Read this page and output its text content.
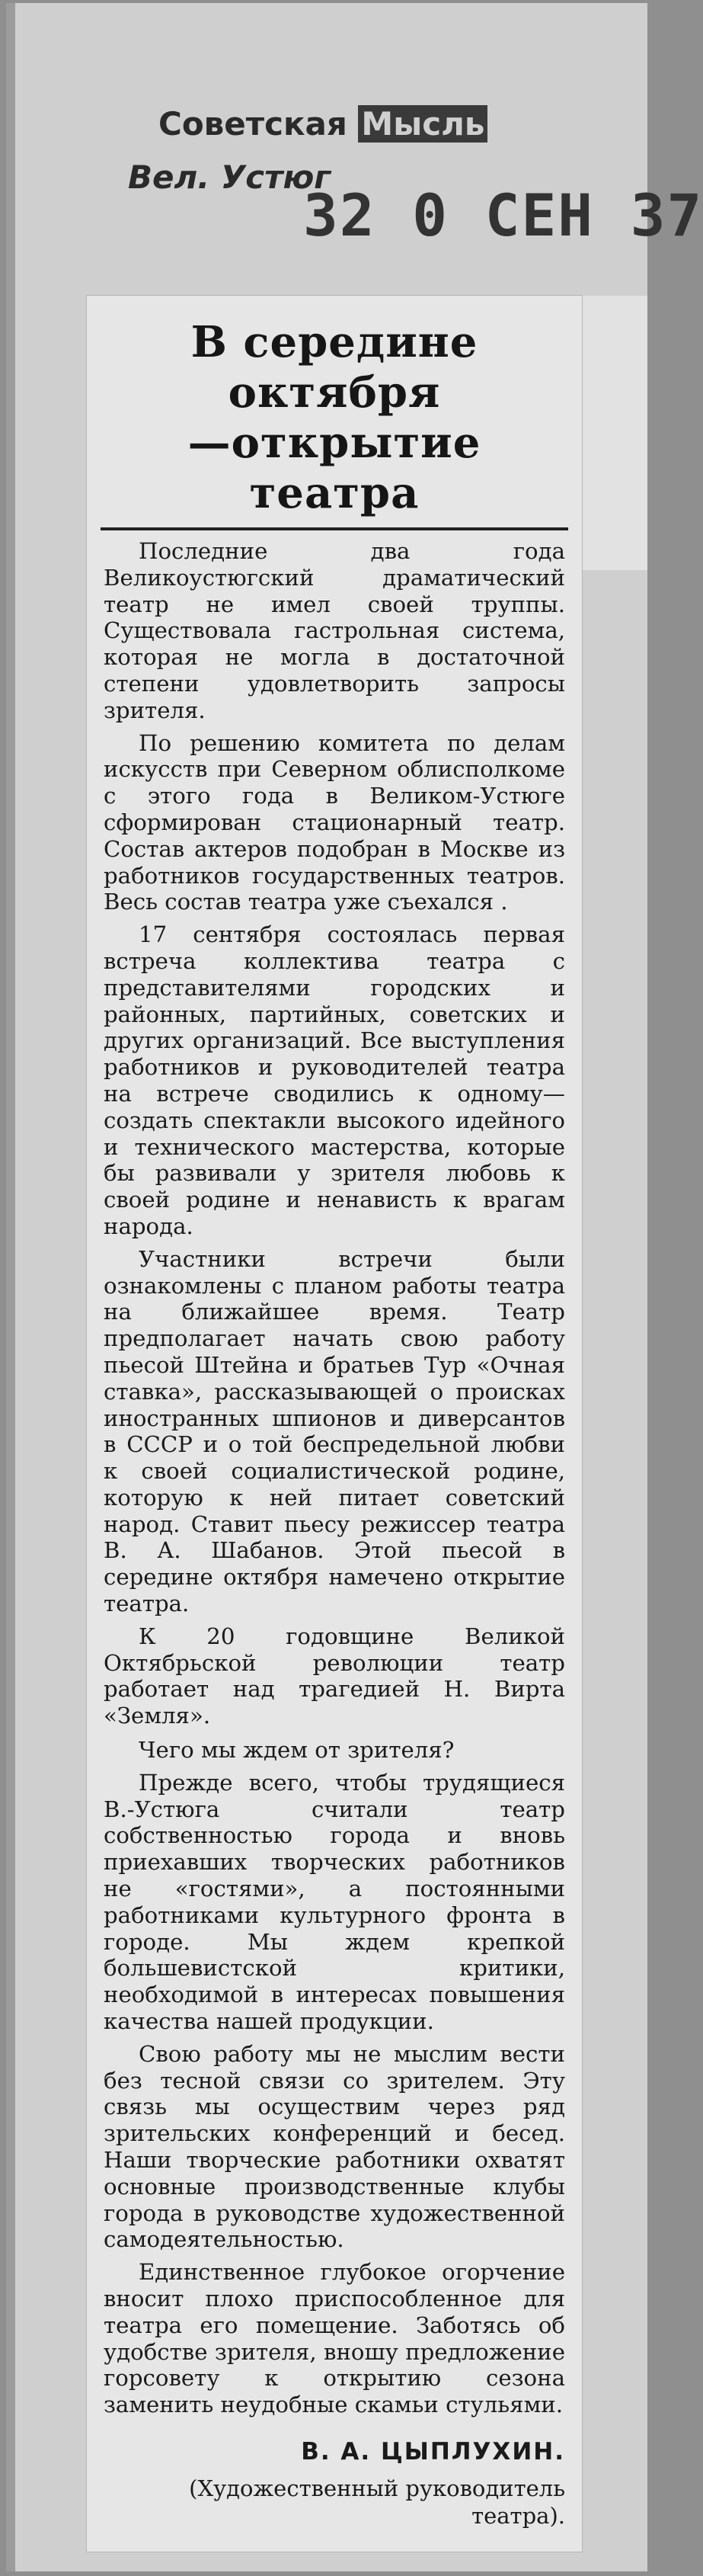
Советская Мысль
Вел. Устюг
32 0 СЕН 37
В середине октября
—открытие театра

Последние два года Великоустюгский драматический театр не имел своей труппы. Существовала гастрольная система, которая не могла в достаточной степени удовлетворить запросы зрителя.

По решению комитета по делам искусств при Северном облисполкоме с этого года в Великом-Устюге сформирован стационарный театр. Состав актеров подобран в Москве из работников государственных театров. Весь состав театра уже съехался .

17 сентября состоялась первая встреча коллектива театра с представителями городских и районных, партийных, советских и других организаций. Все выступления работников и руководителей театра на встрече сводились к одному—создать спектакли высокого идейного и технического мастерства, которые бы развивали у зрителя любовь к своей родине и ненависть к врагам народа.

Участники встречи были ознакомлены с планом работы театра на ближайшее время. Театр предполагает начать свою работу пьесой Штейна и братьев Тур «Очная ставка», рассказывающей о происках иностранных шпионов и диверсантов в СССР и о той беспредельной любви к своей социалистической родине, которую к ней питает советский народ. Ставит пьесу режиссер театра В. А. Шабанов. Этой пьесой в середине октября намечено открытие театра.

К 20 годовщине Великой Октябрьской революции театр работает над трагедией Н. Вирта «Земля».

Чего мы ждем от зрителя?

Прежде всего, чтобы трудящиеся В.-Устюга считали театр собственностью города и вновь приехавших творческих работников не «гостями», а постоянными работниками культурного фронта в городе. Мы ждем крепкой большевистской критики, необходимой в интересах повышения качества нашей продукции.

Свою работу мы не мыслим вести без тесной связи со зрителем. Эту связь мы осуществим через ряд зрительских конференций и бесед. Наши творческие работники охватят основные производственные клубы города в руководстве художественной самодеятельностью.

Единственное глубокое огорчение вносит плохо приспособленное для театра его помещение. Заботясь об удобстве зрителя, вношу предложение горсовету к открытию сезона заменить неудобные скамьи стульями.

В. А. ЦЫПЛУХИН.
(Художественный руководитель театра).
